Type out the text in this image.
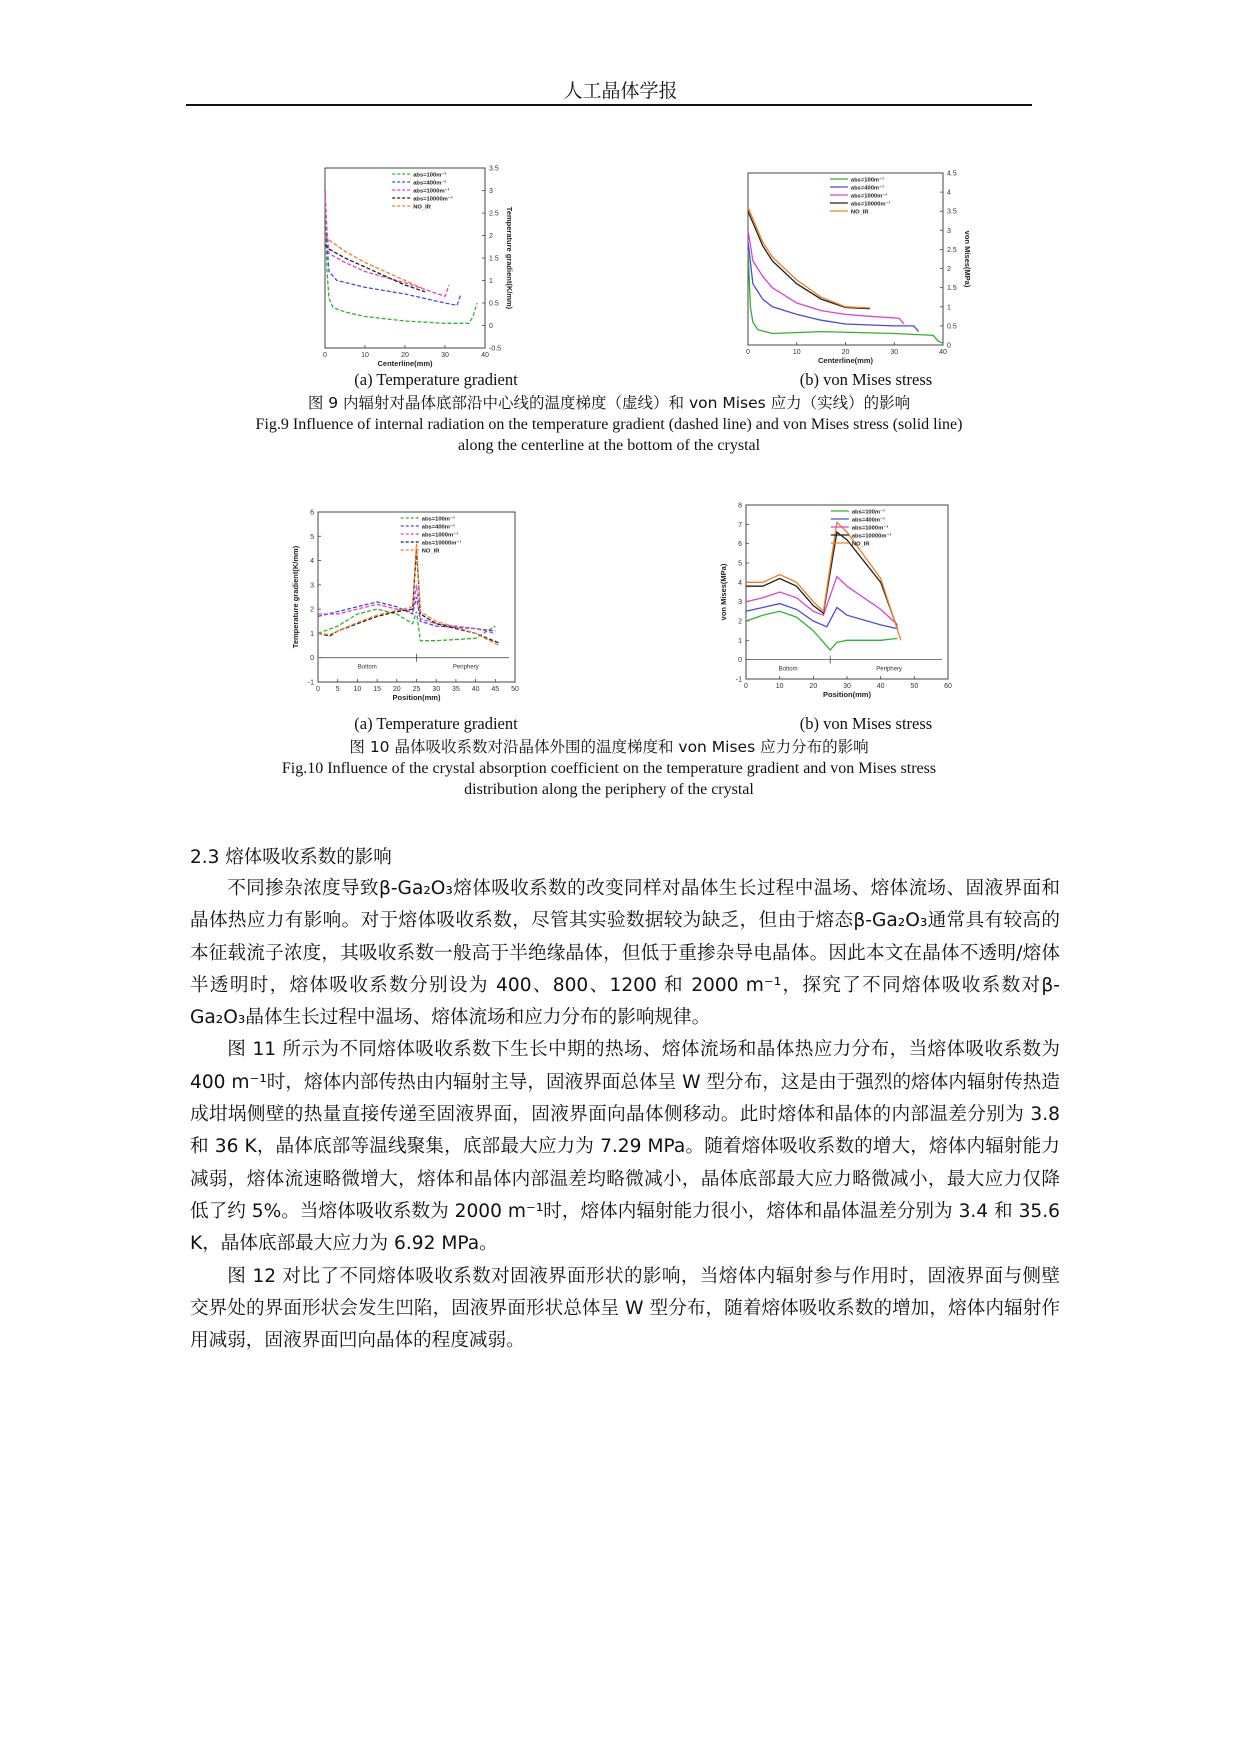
人工晶体学报
0	10	20	30	40
-0.5
0
0.5
1
1.5
2
2.5
3
3.5
Centerline(mm)
Temperature gradient(K/mm)
abs=100m⁻¹
abs=400m⁻¹
abs=1000m⁻¹
abs=10000m⁻¹
NO_IR
0	10	20	30	40
0
0.5
1
1.5
2
2.5
3
3.5
4
4.5
Centerline(mm)
von Mises(MPa)
abs=100m⁻¹
abs=400m⁻¹
abs=1000m⁻¹
abs=10000m⁻¹
NO_IR
(a) Temperature gradient	(b) von Mises stress
图 9 内辐射对晶体底部沿中心线的温度梯度（虚线）和 von Mises 应力（实线）的影响
Fig.9 Influence of internal radiation on the temperature gradient (dashed line) and von Mises stress (solid line)
along the centerline at the bottom of the crystal
0 5 10 15 20 25 30 35 40 45 50
-1
0
1
2
3
4
5
6
Position(mm)
Temperature gradient(K/mm)
Bottom	Periphery
abs=100m⁻¹
abs=400m⁻¹
abs=1000m⁻¹
abs=10000m⁻¹
NO_IR
0	10	20	30	40	50	60
-1
0
1
2
3
4
5
6
7
8
Position(mm)
von Mises(MPa)
Bottom	Periphery
abs=100m⁻¹
abs=400m⁻¹
abs=1000m⁻¹
abs=10000m⁻¹
NO_IR
(a) Temperature gradient	(b) von Mises stress
图 10 晶体吸收系数对沿晶体外围的温度梯度和 von Mises 应力分布的影响
Fig.10 Influence of the crystal absorption coefficient on the temperature gradient and von Mises stress
distribution along the periphery of the crystal
2.3 熔体吸收系数的影响

不同掺杂浓度导致β-Ga₂O₃熔体吸收系数的改变同样对晶体生长过程中温场、熔体流场、固液界面和晶体热应力有影响。对于熔体吸收系数，尽管其实验数据较为缺乏，但由于熔态β-Ga₂O₃通常具有较高的本征载流子浓度，其吸收系数一般高于半绝缘晶体，但低于重掺杂导电晶体。因此本文在晶体不透明/熔体半透明时，熔体吸收系数分别设为 400、800、1200 和 2000 m⁻¹，探究了不同熔体吸收系数对β-Ga₂O₃晶体生长过程中温场、熔体流场和应力分布的影响规律。

图 11 所示为不同熔体吸收系数下生长中期的热场、熔体流场和晶体热应力分布，当熔体吸收系数为 400 m⁻¹时，熔体内部传热由内辐射主导，固液界面总体呈 W 型分布，这是由于强烈的熔体内辐射传热造成坩埚侧壁的热量直接传递至固液界面，固液界面向晶体侧移动。此时熔体和晶体的内部温差分别为 3.8 和 36 K，晶体底部等温线聚集，底部最大应力为 7.29 MPa。随着熔体吸收系数的增大，熔体内辐射能力减弱，熔体流速略微增大，熔体和晶体内部温差均略微减小，晶体底部最大应力略微减小，最大应力仅降低了约 5%。当熔体吸收系数为 2000 m⁻¹时，熔体内辐射能力很小，熔体和晶体温差分别为 3.4 和 35.6 K，晶体底部最大应力为 6.92 MPa。

图 12 对比了不同熔体吸收系数对固液界面形状的影响，当熔体内辐射参与作用时，固液界面与侧壁交界处的界面形状会发生凹陷，固液界面形状总体呈 W 型分布，随着熔体吸收系数的增加，熔体内辐射作用减弱，固液界面凹向晶体的程度减弱。
